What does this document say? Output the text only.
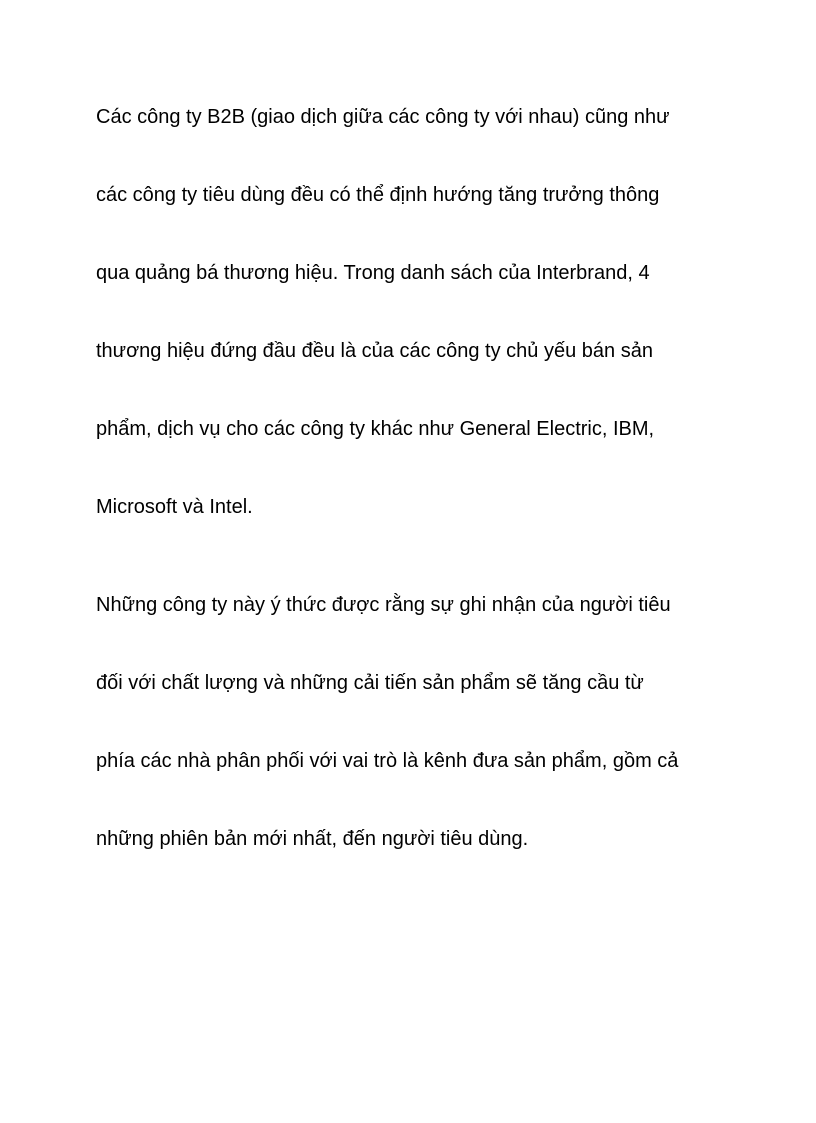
Các công ty B2B (giao dịch giữa các công ty với nhau) cũng như
các công ty tiêu dùng đều có thể định hướng tăng trưởng thông
qua quảng bá thương hiệu. Trong danh sách của Interbrand, 4
thương hiệu đứng đầu đều là của các công ty chủ yếu bán sản
phẩm, dịch vụ cho các công ty khác như General Electric, IBM,
Microsoft và Intel.

Những công ty này ý thức được rằng sự ghi nhận của người tiêu
đối với chất lượng và những cải tiến sản phẩm sẽ tăng cầu từ
phía các nhà phân phối với vai trò là kênh đưa sản phẩm, gồm cả
những phiên bản mới nhất, đến người tiêu dùng.
